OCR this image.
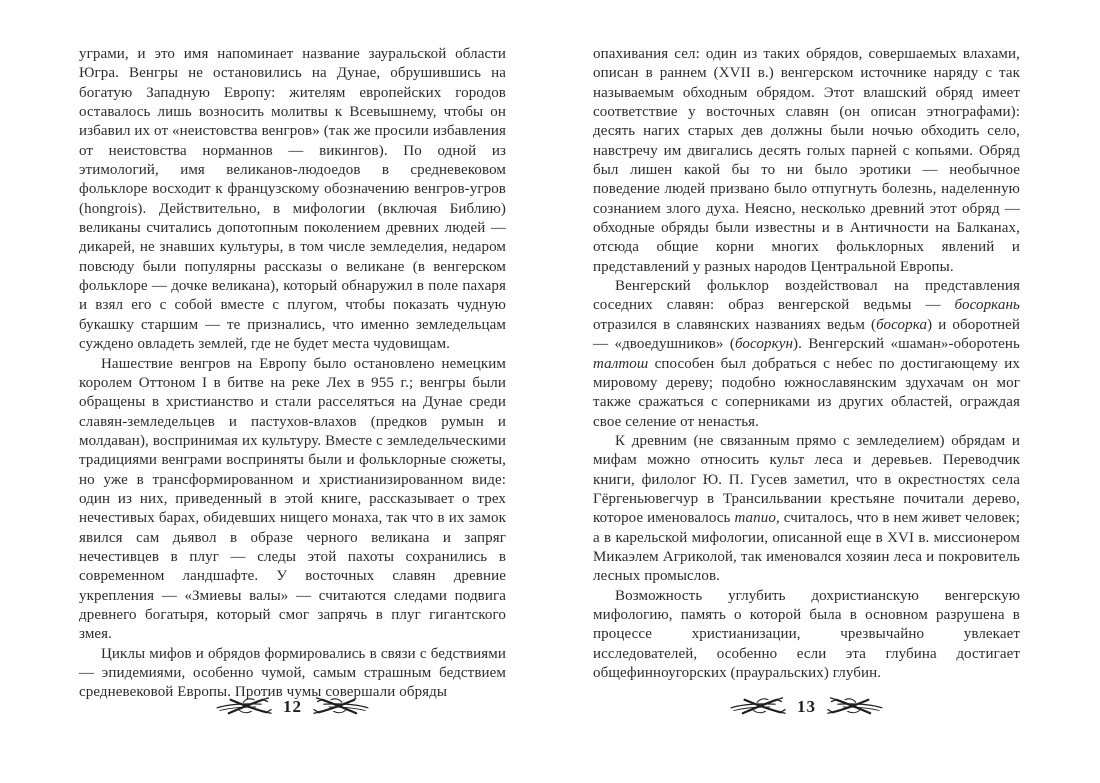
уграми, и это имя напоминает название зауральской области Югра. Венгры не остановились на Дунае, обрушившись на богатую Западную Европу: жителям европейских городов оставалось лишь возносить молитвы к Всевышнему, чтобы он избавил их от «неистовства венгров» (так же просили избавления от неистовства норманнов — викингов). По одной из этимологий, имя великанов-людоедов в средневековом фольклоре восходит к французскому обозначению венгров-угров (hongrois). Действительно, в мифологии (включая Библию) великаны считались допотопным поколением древних людей — дикарей, не знавших культуры, в том числе земледелия, недаром повсюду были популярны рассказы о великане (в венгерском фольклоре — дочке великана), который обнаружил в поле пахаря и взял его с собой вместе с плугом, чтобы показать чудную букашку старшим — те признались, что именно земледельцам суждено овладеть землей, где не будет места чудовищам.

Нашествие венгров на Европу было остановлено немецким королем Оттоном I в битве на реке Лех в 955 г.; венгры были обращены в христианство и стали расселяться на Дунае среди славян-земледельцев и пастухов-влахов (предков румын и молдаван), воспринимая их культуру. Вместе с земледельческими традициями венграми восприняты были и фольклорные сюжеты, но уже в трансформированном и христианизированном виде: один из них, приведенный в этой книге, рассказывает о трех нечестивых барах, обидевших нищего монаха, так что в их замок явился сам дьявол в образе черного великана и запряг нечестивцев в плуг — следы этой пахоты сохранились в современном ландшафте. У восточных славян древние укрепления — «Змиевы валы» — считаются следами подвига древнего богатыря, который смог запрячь в плуг гигантского змея.

Циклы мифов и обрядов формировались в связи с бедствиями — эпидемиями, особенно чумой, самым страшным бедствием средневековой Европы. Против чумы совершали обряды

опахивания сел: один из таких обрядов, совершаемых влахами, описан в раннем (XVII в.) венгерском источнике наряду с так называемым обходным обрядом. Этот влашский обряд имеет соответствие у восточных славян (он описан этнографами): десять нагих старых дев должны были ночью обходить село, навстречу им двигались десять голых парней с копьями. Обряд был лишен какой бы то ни было эротики — необычное поведение людей призвано было отпугнуть болезнь, наделенную сознанием злого духа. Неясно, несколько древний этот обряд — обходные обряды были известны и в Античности на Балканах, отсюда общие корни многих фольклорных явлений и представлений у разных народов Центральной Европы.

Венгерский фольклор воздействовал на представления соседних славян: образ венгерской ведьмы — босоркань отразился в славянских названиях ведьм (босорка) и оборотней — «двоедушников» (босоркун). Венгерский «шаман»-оборотень талтош способен был добраться с небес по достигающему их мировому дереву; подобно южнославянским здухачам он мог также сражаться с соперниками из других областей, ограждая свое селение от ненастья.

К древним (не связанным прямо с земледелием) обрядам и мифам можно относить культ леса и деревьев. Переводчик книги, филолог Ю. П. Гусев заметил, что в окрестностях села Гёргеньювегчур в Трансильвании крестьяне почитали дерево, которое именовалось тапио, считалось, что в нем живет человек; а в карельской мифологии, описанной еще в XVI в. миссионером Микаэлем Агриколой, так именовался хозяин леса и покровитель лесных промыслов.

Возможность углубить дохристианскую венгерскую мифологию, память о которой была в основном разрушена в процессе христианизации, чрезвычайно увлекает исследователей, особенно если эта глубина достигает общефинноугорских (прауральских) глубин.

12	13
